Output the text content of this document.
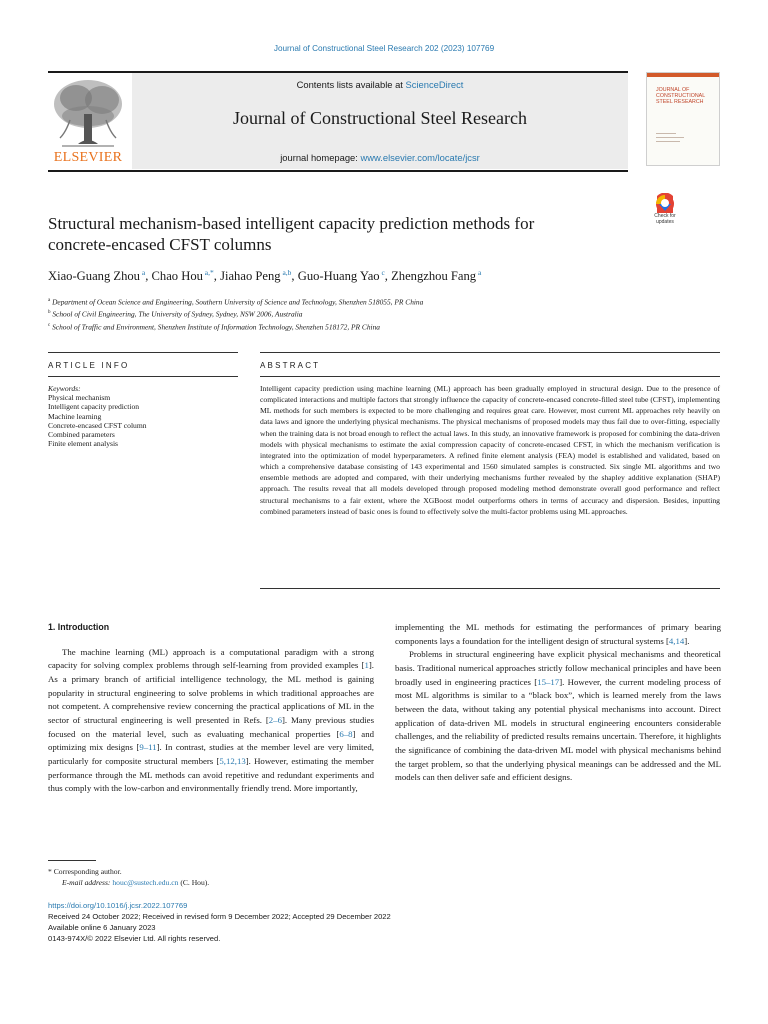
Journal of Constructional Steel Research 202 (2023) 107769
ELSEVIER
Contents lists available at ScienceDirect
Journal of Constructional Steel Research
journal homepage: www.elsevier.com/locate/jcsr
JOURNAL OF CONSTRUCTIONAL STEEL RESEARCH
Structural mechanism-based intelligent capacity prediction methods for
concrete-encased CFST columns
Check for
updates
Xiao-Guang Zhou $^a$, Chao Hou $^{a,*}$, Jiahao Peng $^{a,b}$, Guo-Huang Yao $^c$, Zhengzhou Fang $^a$
$^a$ Department of Ocean Science and Engineering, Southern University of Science and Technology, Shenzhen 518055, PR China
$^b$ School of Civil Engineering, The University of Sydney, Sydney, NSW 2006, Australia
$^c$ School of Traffic and Environment, Shenzhen Institute of Information Technology, Shenzhen 518172, PR China
ARTICLE INFO	ABSTRACT
Keywords:
Physical mechanism
Intelligent capacity prediction
Machine learning
Concrete-encased CFST column
Combined parameters
Finite element analysis
Intelligent capacity prediction using machine learning (ML) approach has been gradually employed in structural design. Due to the presence of complicated interactions and multiple factors that strongly influence the capacity of concrete-encased concrete-filled steel tube (CFST), implementing ML methods for such members is expected to be more challenging and requires great care. However, most current ML approaches rely heavily on data laws and ignore the underlying physical mechanisms. The physical mechanisms of proposed models may thus fail due to over-fitting, especially when the training data is not broad enough to reflect the actual laws. In this study, an innovative framework is proposed for combining the data-driven models with physical mechanisms to estimate the axial compression capacity of concrete-encased CFST, in which the mechanism verification is integrated into the optimization of model hyperparameters. A refined finite element analysis (FEA) model is established and validated, based on which a comprehensive database consisting of 143 experimental and 1560 simulated samples is constructed. Six single ML algorithms and two ensemble methods are adopted and compared, with their underlying mechanisms further revealed by the shapley additive explanation (SHAP) approach. The results reveal that all models developed through proposed modeling method demonstrate overall good performance and reflect structural mechanisms to a fair extent, where the XGBoost model outperforms others in terms of accuracy and dispersion. Besides, inputting combined parameters instead of basic ones is found to effectively solve the multi-factor problems using ML approaches.
1. Introduction

The machine learning (ML) approach is a computational paradigm with a strong capacity for solving complex problems through self-learning from provided examples [1]. As a primary branch of artificial intelligence technology, the ML method is gaining popularity in structural engineering to solve problems in which traditional approaches are not competent. A comprehensive review concerning the practical applications of ML in the sector of structural engineering is well presented in Refs. [2–6]. Many previous studies focused on the material level, such as evaluating mechanical properties [6–8] and optimizing mix designs [9–11]. In contrast, studies at the member level are very limited, particularly for composite structural members [5,12,13]. However, estimating the member performance through the ML methods can avoid repetitive and redundant experiments and thus comply with the low-carbon and environmentally friendly trend. More importantly,

implementing the ML methods for estimating the performances of primary bearing components lays a foundation for the intelligent design of structural systems [4,14].

Problems in structural engineering have explicit physical mechanisms and theoretical basis. Traditional numerical approaches strictly follow mechanical principles and have been broadly used in engineering practices [15–17]. However, the current modeling process of most ML algorithms is similar to a “black box”, which is learned merely from the laws between the data, without taking any potential physical mechanisms into account. Direct application of data-driven ML models in structural engineering encounters considerable challenges, and the reliability of predicted results remains uncertain. Therefore, it highlights the significance of combining the data-driven ML model with physical mechanisms behind the target problem, so that the underlying physical meanings can be addressed and the ML models can then deliver safe and efficient designs.

* Corresponding author.
E-mail address: houc@sustech.edu.cn (C. Hou).
https://doi.org/10.1016/j.jcsr.2022.107769
Received 24 October 2022; Received in revised form 9 December 2022; Accepted 29 December 2022
Available online 6 January 2023
0143-974X/© 2022 Elsevier Ltd. All rights reserved.
